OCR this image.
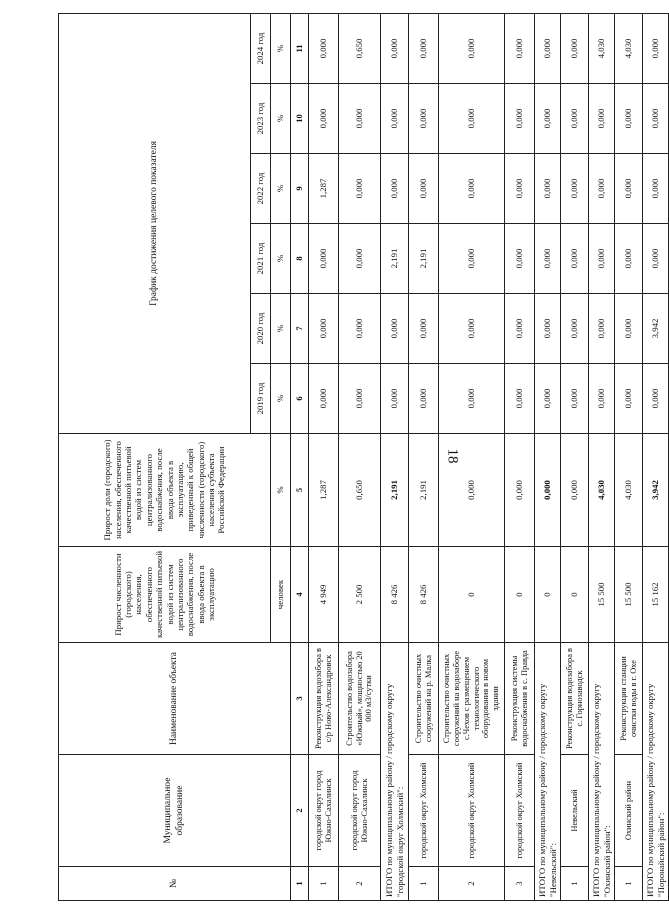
18
№	Муниципальное образование	Наименование объекта	Прирост численности (городского) населения, обеспеченного качественной питьевой водой из систем централизованного водоснабжения, после ввода объекта в эксплуатацию	Прирост доли (городского) населения, обеспеченного качественной питьевой водой из систем централизованного водоснабжения, после ввода объекта в эксплуатацию, приведенный к общей численности (городского) населения субъекта Российской Федерации	График достижения целевого показателя					
					2019 год	2020 год	2021 год	2022 год	2023 год	2024 год
			человек	%	%	%	%	%	%	%
1	2	3	4	5	6	7	8	9	10	11
1	городской округ город Южно-Сахалинск	Реконструкция водозабора в с/р Ново-Александровск	4 949	1,287	0,000	0,000	0,000	1,287	0,000	0,000
2	городской округ город Южно-Сахалинск	Строительство водозабора «Южный», мощностью 20 000 м3/сутки	2 500	0,650	0,000	0,000	0,000	0,000	0,000	0,650
ИТОГО по муниципальному району / городскому округу "городской округ Холмский":			8 426	2,191	0,000	0,000	2,191	0,000	0,000	0,000
1	городской округ Холмский	Строительство очистных сооружений на р. Малка	8 426	2,191	0,000	0,000	2,191	0,000	0,000	0,000
2	городской округ Холмский	Строительство очистных сооружений на водозаборе с.Чехов с размещением технологического оборудования в новом здании	0	0,000	0,000	0,000	0,000	0,000	0,000	0,000
3	городской округ Холмский	Реконструкция системы водоснабжения в с. Правда	0	0,000	0,000	0,000	0,000	0,000	0,000	0,000
ИТОГО по муниципальному району / городскому округу "Невельский":			0	0,000	0,000	0,000	0,000	0,000	0,000	0,000
1	Невельский	Реконструкция водозабора в с. Горнозаводск	0	0,000	0,000	0,000	0,000	0,000	0,000	0,000
ИТОГО по муниципальному району / городскому округу "Охинский район":			15 500	4,030	0,000	0,000	0,000	0,000	0,000	4,030
1	Охинский район	Реконструкция станции очистки воды в г. Охе	15 500	4,030	0,000	0,000	0,000	0,000	0,000	4,030
ИТОГО по муниципальному району / городскому округу "Поронайский район":			15 162	3,942	0,000	3,942	0,000	0,000	0,000	0,000
